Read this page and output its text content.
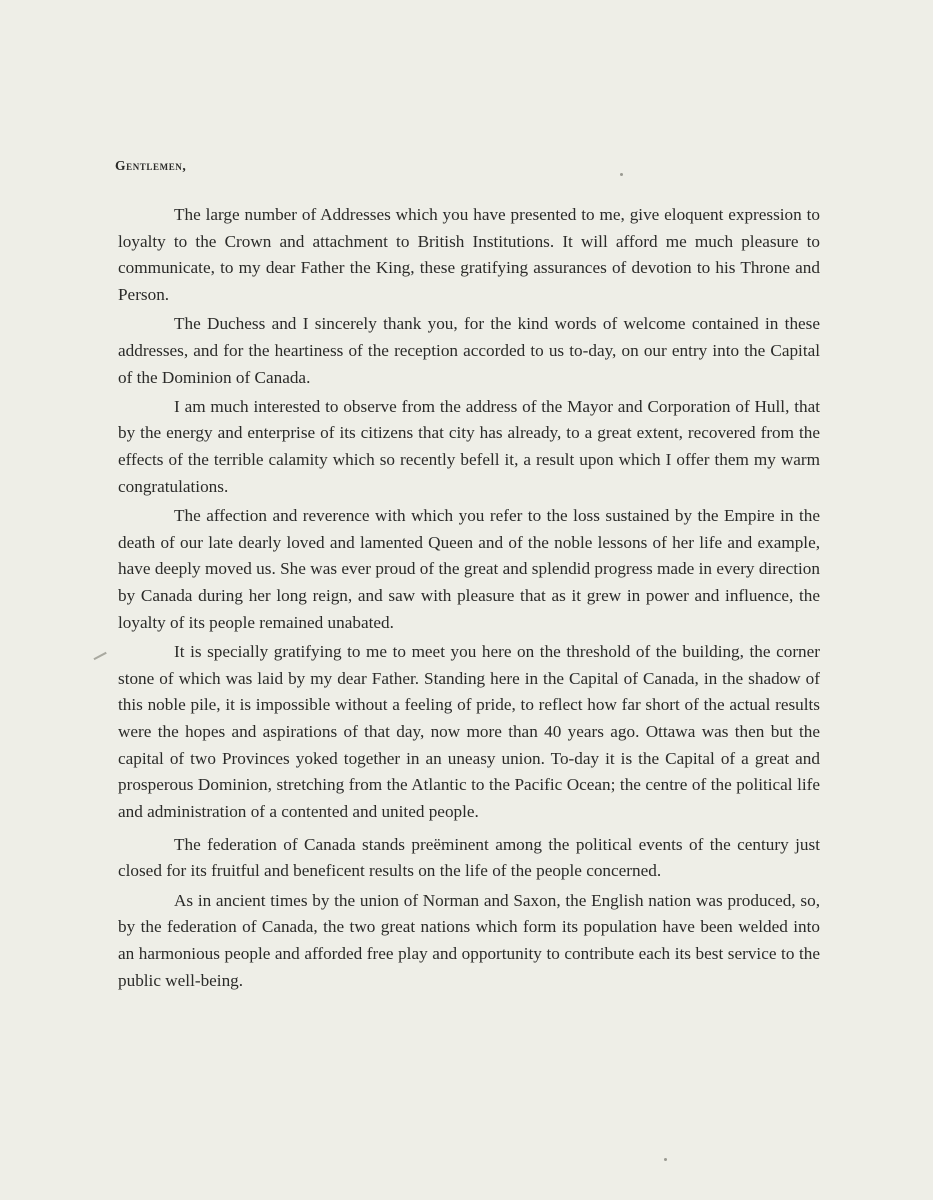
Gentlemen,

The large number of Addresses which you have presented to me, give eloquent expression to loyalty to the Crown and attachment to British Institutions. It will afford me much pleasure to communicate, to my dear Father the King, these gratifying assurances of devotion to his Throne and Person.

The Duchess and I sincerely thank you, for the kind words of welcome contained in these addresses, and for the heartiness of the reception accorded to us to-day, on our entry into the Capital of the Dominion of Canada.

I am much interested to observe from the address of the Mayor and Corporation of Hull, that by the energy and enterprise of its citizens that city has already, to a great extent, recovered from the effects of the terrible calamity which so recently befell it, a result upon which I offer them my warm congratulations.

The affection and reverence with which you refer to the loss sustained by the Empire in the death of our late dearly loved and lamented Queen and of the noble lessons of her life and example, have deeply moved us. She was ever proud of the great and splendid progress made in every direction by Canada during her long reign, and saw with pleasure that as it grew in power and influence, the loyalty of its people remained unabated.

It is specially gratifying to me to meet you here on the threshold of the building, the corner stone of which was laid by my dear Father. Standing here in the Capital of Canada, in the shadow of this noble pile, it is impossible without a feeling of pride, to reflect how far short of the actual results were the hopes and aspirations of that day, now more than 40 years ago. Ottawa was then but the capital of two Provinces yoked together in an uneasy union. To-day it is the Capital of a great and prosperous Dominion, stretching from the Atlantic to the Pacific Ocean; the centre of the political life and administration of a contented and united people.

The federation of Canada stands preëminent among the political events of the century just closed for its fruitful and beneficent results on the life of the people concerned.

As in ancient times by the union of Norman and Saxon, the English nation was produced, so, by the federation of Canada, the two great nations which form its population have been welded into an harmonious people and afforded free play and opportunity to contribute each its best service to the public well-being.
